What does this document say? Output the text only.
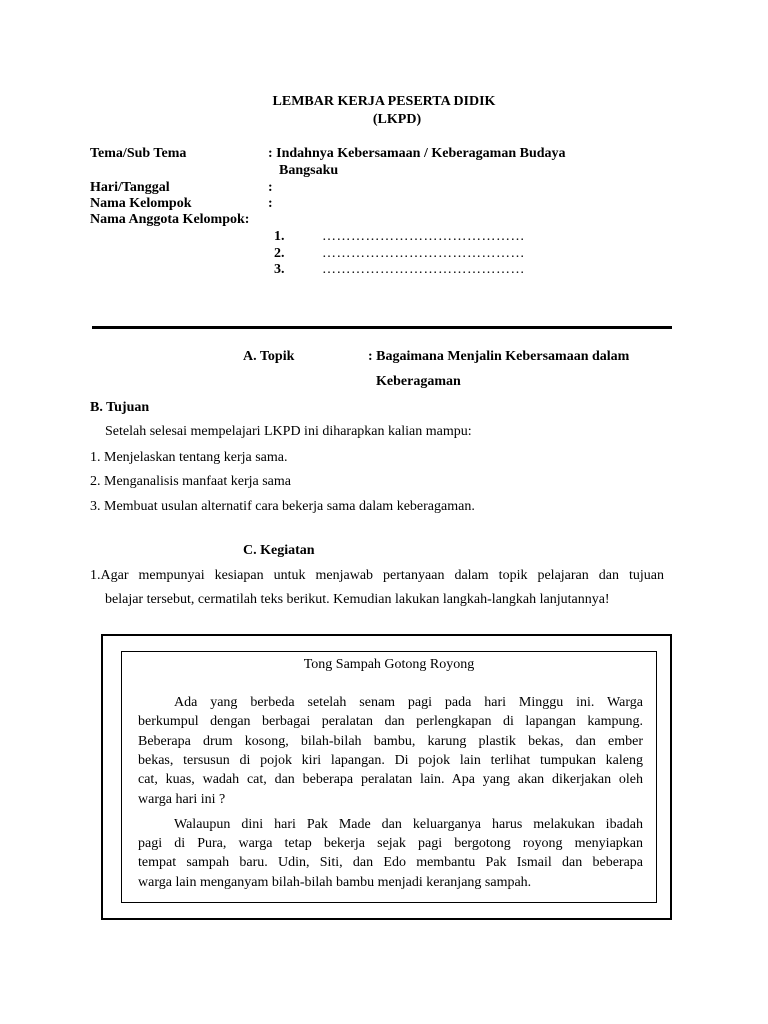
LEMBAR KERJA PESERTA DIDIK
(LKPD)
Tema/Sub Tema	: Indahnya Kebersamaan / Keberagaman Budaya
Bangsaku
Hari/Tanggal	:
Nama Kelompok	:
Nama Anggota Kelompok:
1.	……………………………………
2.	……………………………………
3.	……………………………………
A. Topik	: Bagaimana Menjalin Kebersamaan dalam
Keberagaman
B. Tujuan
Setelah selesai mempelajari LKPD ini diharapkan kalian mampu:
1. Menjelaskan tentang kerja sama.
2. Menganalisis manfaat kerja sama
3. Membuat usulan alternatif cara bekerja sama dalam keberagaman.
C. Kegiatan
1.Agar mempunyai kesiapan untuk menjawab pertanyaan dalam topik pelajaran dan tujuan
belajar tersebut, cermatilah teks berikut. Kemudian lakukan langkah-langkah lanjutannya!
Tong Sampah Gotong Royong
Ada yang berbeda setelah senam pagi pada hari Minggu ini. Warga
berkumpul dengan berbagai peralatan dan perlengkapan di lapangan kampung.
Beberapa drum kosong, bilah-bilah bambu, karung plastik bekas, dan ember
bekas, tersusun di pojok kiri lapangan. Di pojok lain terlihat tumpukan kaleng
cat, kuas, wadah cat, dan beberapa peralatan lain. Apa yang akan dikerjakan oleh
warga hari ini ?
Walaupun dini hari Pak Made dan keluarganya harus melakukan ibadah
pagi di Pura, warga tetap bekerja sejak pagi bergotong royong menyiapkan
tempat sampah baru. Udin, Siti, dan Edo membantu Pak Ismail dan beberapa
warga lain menganyam bilah-bilah bambu menjadi keranjang sampah.
